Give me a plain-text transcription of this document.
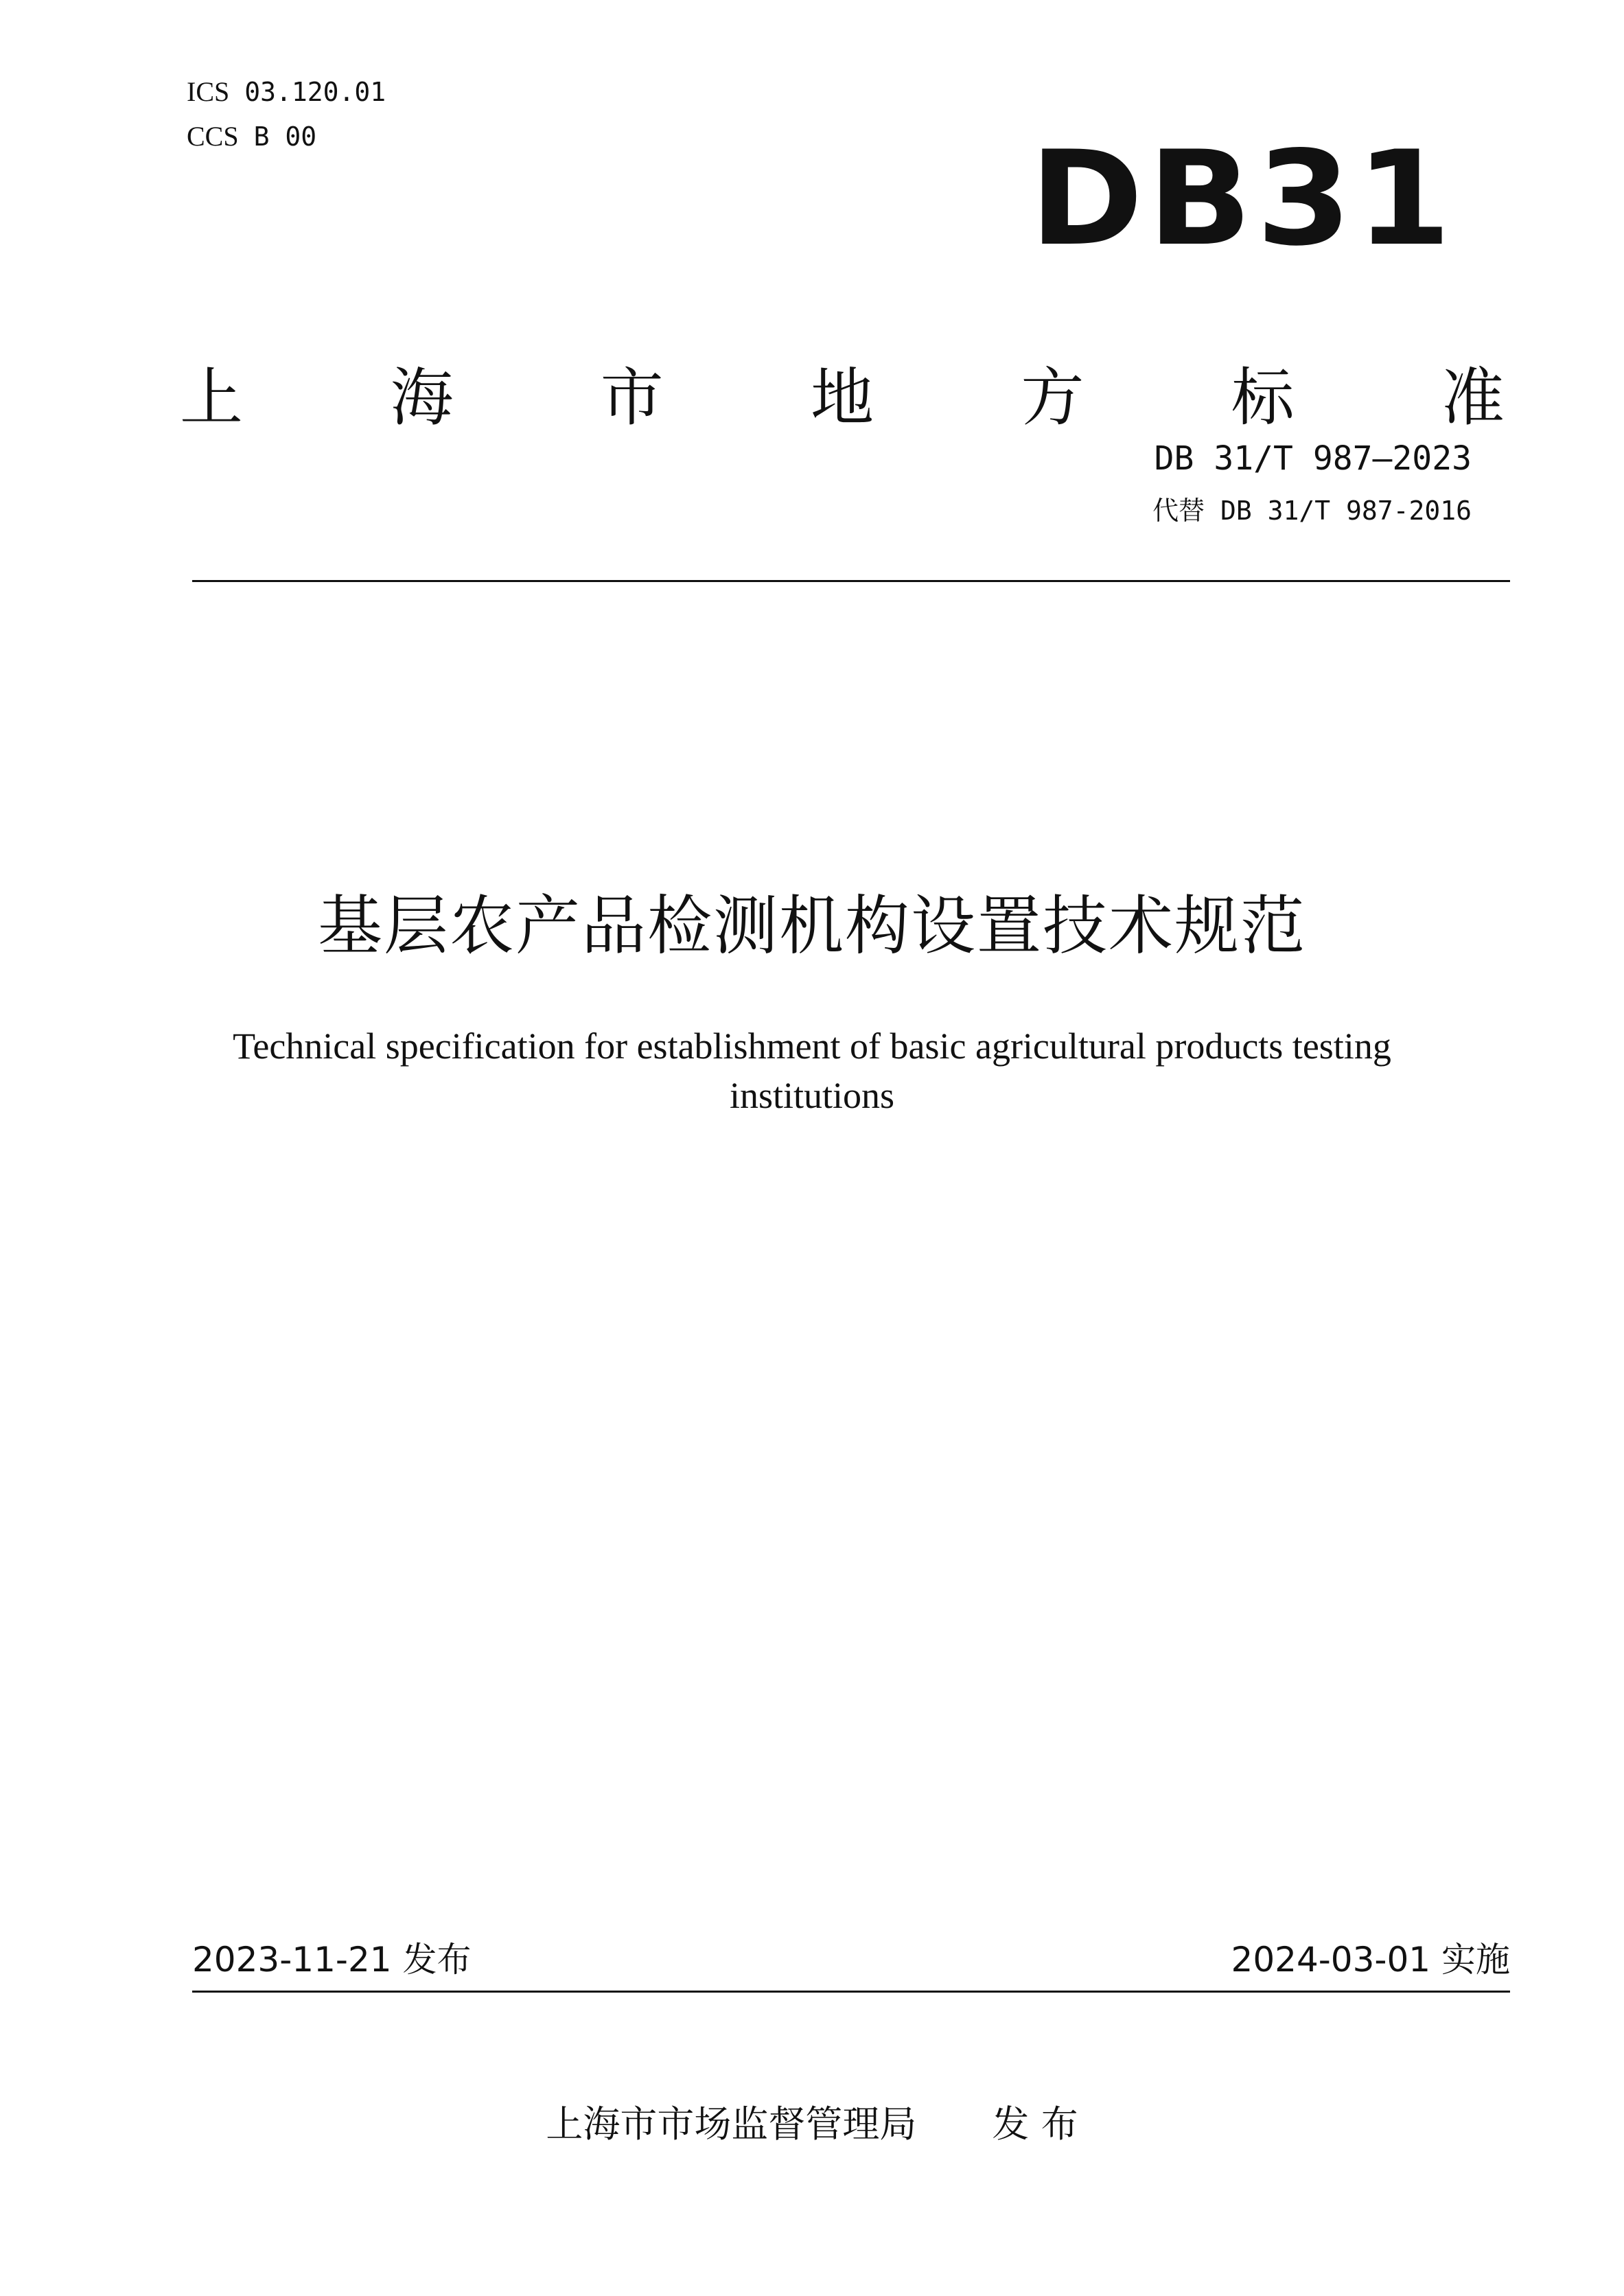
ICS 03.120.01
CCS B 00	DB31
上 海 市 地 方 标 准
DB 31/T 987—2023
代替 DB 31/T 987-2016
基层农产品检测机构设置技术规范
Technical specification for establishment of basic agricultural products testing institutions
2023-11-21 发布	2024-03-01 实施
上海市市场监督管理局 发 布
